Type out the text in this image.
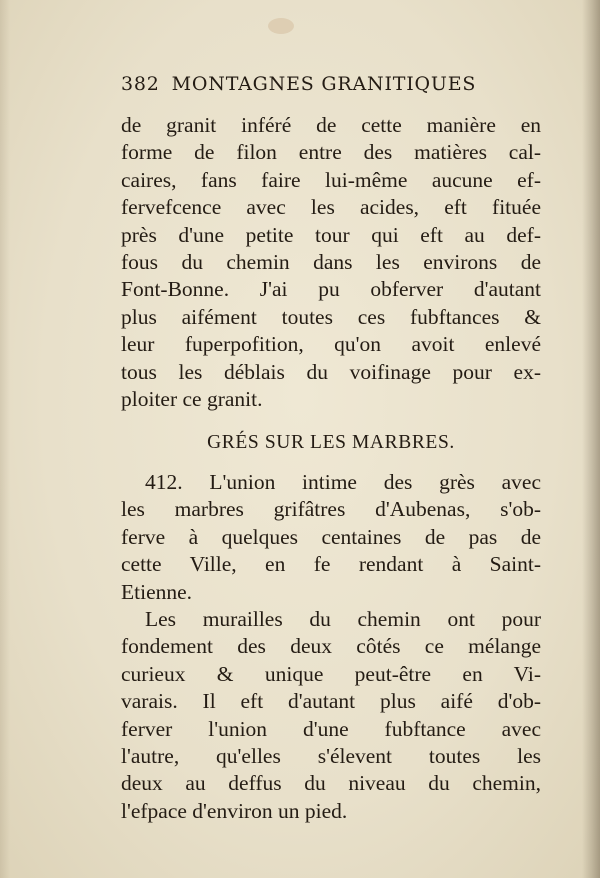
382 MONTAGNES GRANITIQUES
de granit inféré de cette manière en
forme de filon entre des matières cal-
caires, fans faire lui-même aucune ef-
fervefcence avec les acides, eft fituée
près d'une petite tour qui eft au def-
fous du chemin dans les environs de
Font-Bonne. J'ai pu obferver d'autant
plus aifément toutes ces fubftances &
leur fuperpofition, qu'on avoit enlevé
tous les déblais du voifinage pour ex-
ploiter ce granit.
GRÉS SUR LES MARBRES.
412. L'union intime des grès avec
les marbres grifâtres d'Aubenas, s'ob-
ferve à quelques centaines de pas de
cette Ville, en fe rendant à Saint-
Etienne.
Les murailles du chemin ont pour
fondement des deux côtés ce mélange
curieux & unique peut-être en Vi-
varais. Il eft d'autant plus aifé d'ob-
ferver l'union d'une fubftance avec
l'autre, qu'elles s'élevent toutes les
deux au deffus du niveau du chemin,
l'efpace d'environ un pied.
